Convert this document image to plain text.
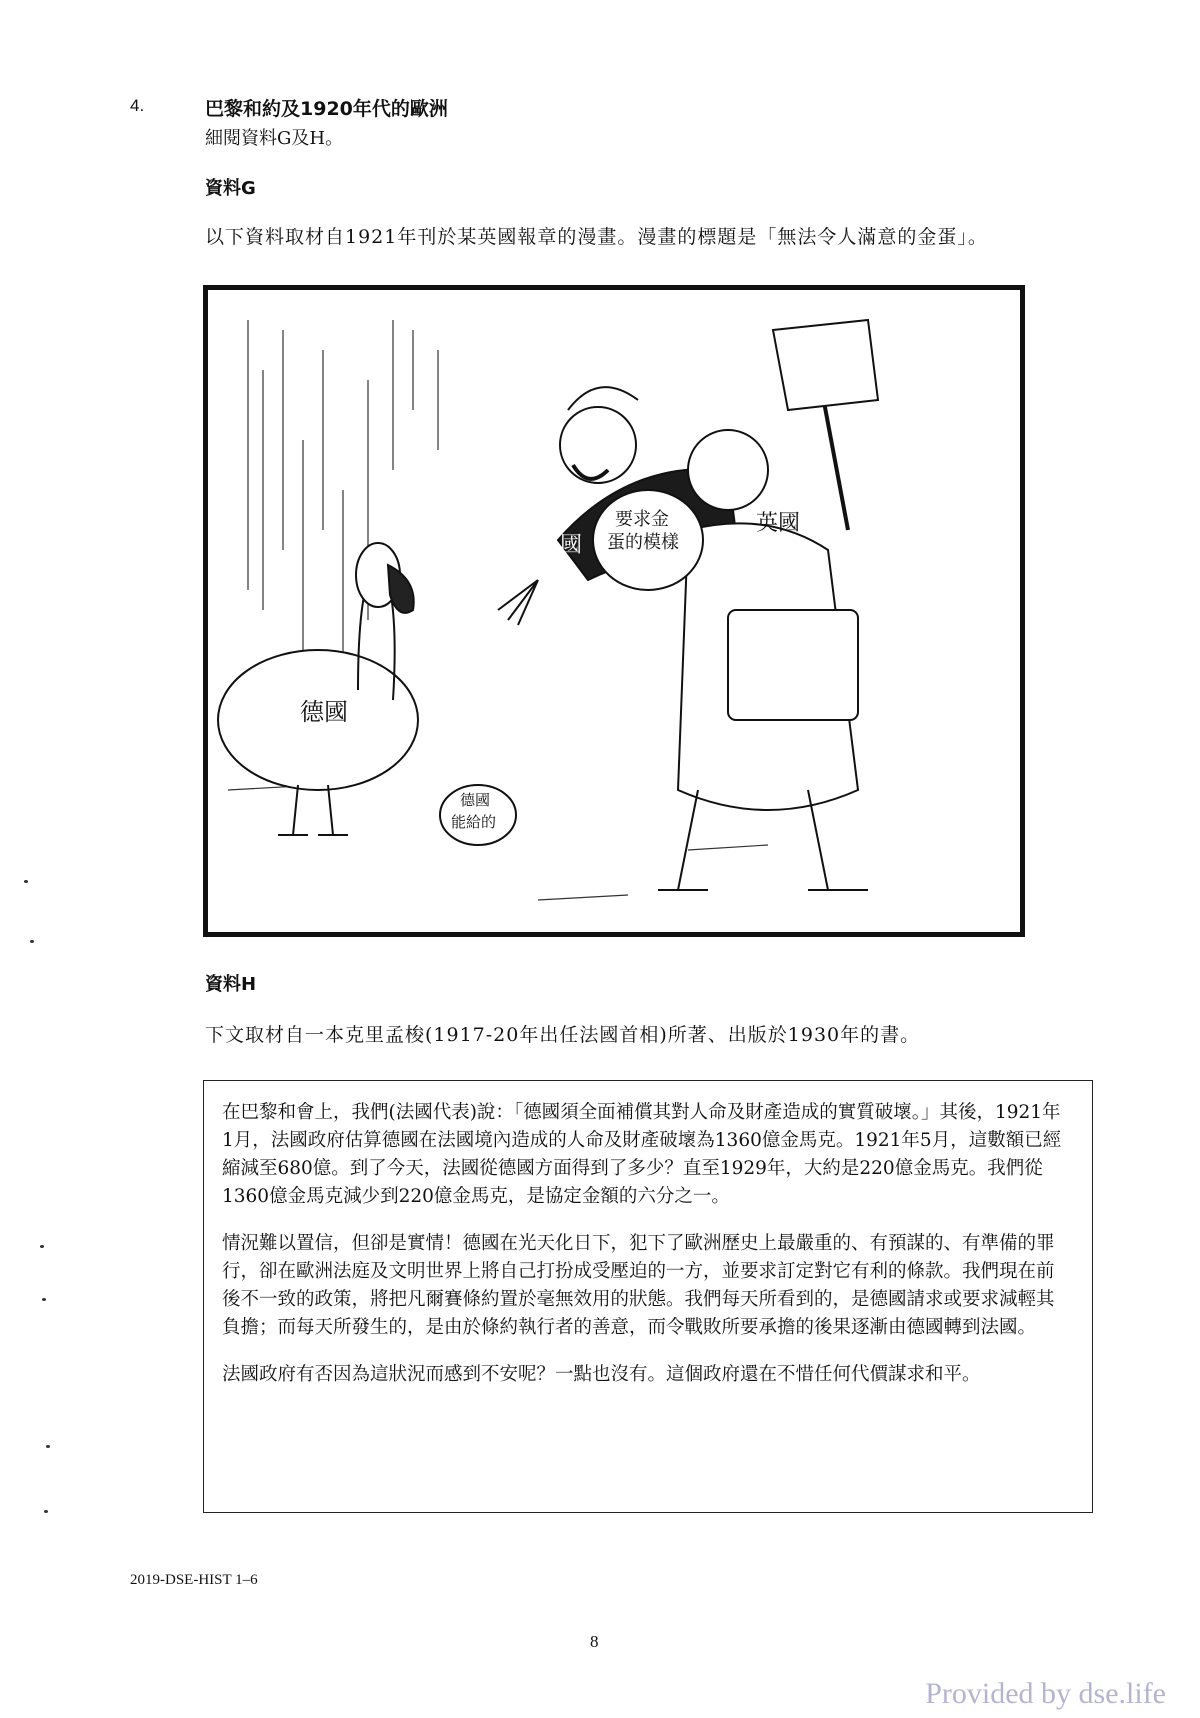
4.	巴黎和約及1920年代的歐洲
細閱資料G及H。
資料G
以下資料取材自1921年刊於某英國報章的漫畫。漫畫的標題是「無法令人滿意的金蛋」。
德國
德國
能給的
法國
英國
要求金
蛋的模樣
資料H
下文取材自一本克里孟梭(1917-20年出任法國首相)所著、出版於1930年的書。

在巴黎和會上，我們(法國代表)說：「德國須全面補償其對人命及財產造成的實質破壞。」其後，1921年1月，法國政府估算德國在法國境內造成的人命及財產破壞為1360億金馬克。1921年5月，這數額已經縮減至680億。到了今天，法國從德國方面得到了多少？直至1929年，大約是220億金馬克。我們從1360億金馬克減少到220億金馬克，是協定金額的六分之一。

情況難以置信，但卻是實情！德國在光天化日下，犯下了歐洲歷史上最嚴重的、有預謀的、有準備的罪行，卻在歐洲法庭及文明世界上將自己打扮成受壓迫的一方，並要求訂定對它有利的條款。我們現在前後不一致的政策，將把凡爾賽條約置於毫無效用的狀態。我們每天所看到的，是德國請求或要求減輕其負擔；而每天所發生的，是由於條約執行者的善意，而令戰敗所要承擔的後果逐漸由德國轉到法國。

法國政府有否因為這狀況而感到不安呢？一點也沒有。這個政府還在不惜任何代價謀求和平。

2019-DSE-HIST 1–6
8
Provided by dse.life
